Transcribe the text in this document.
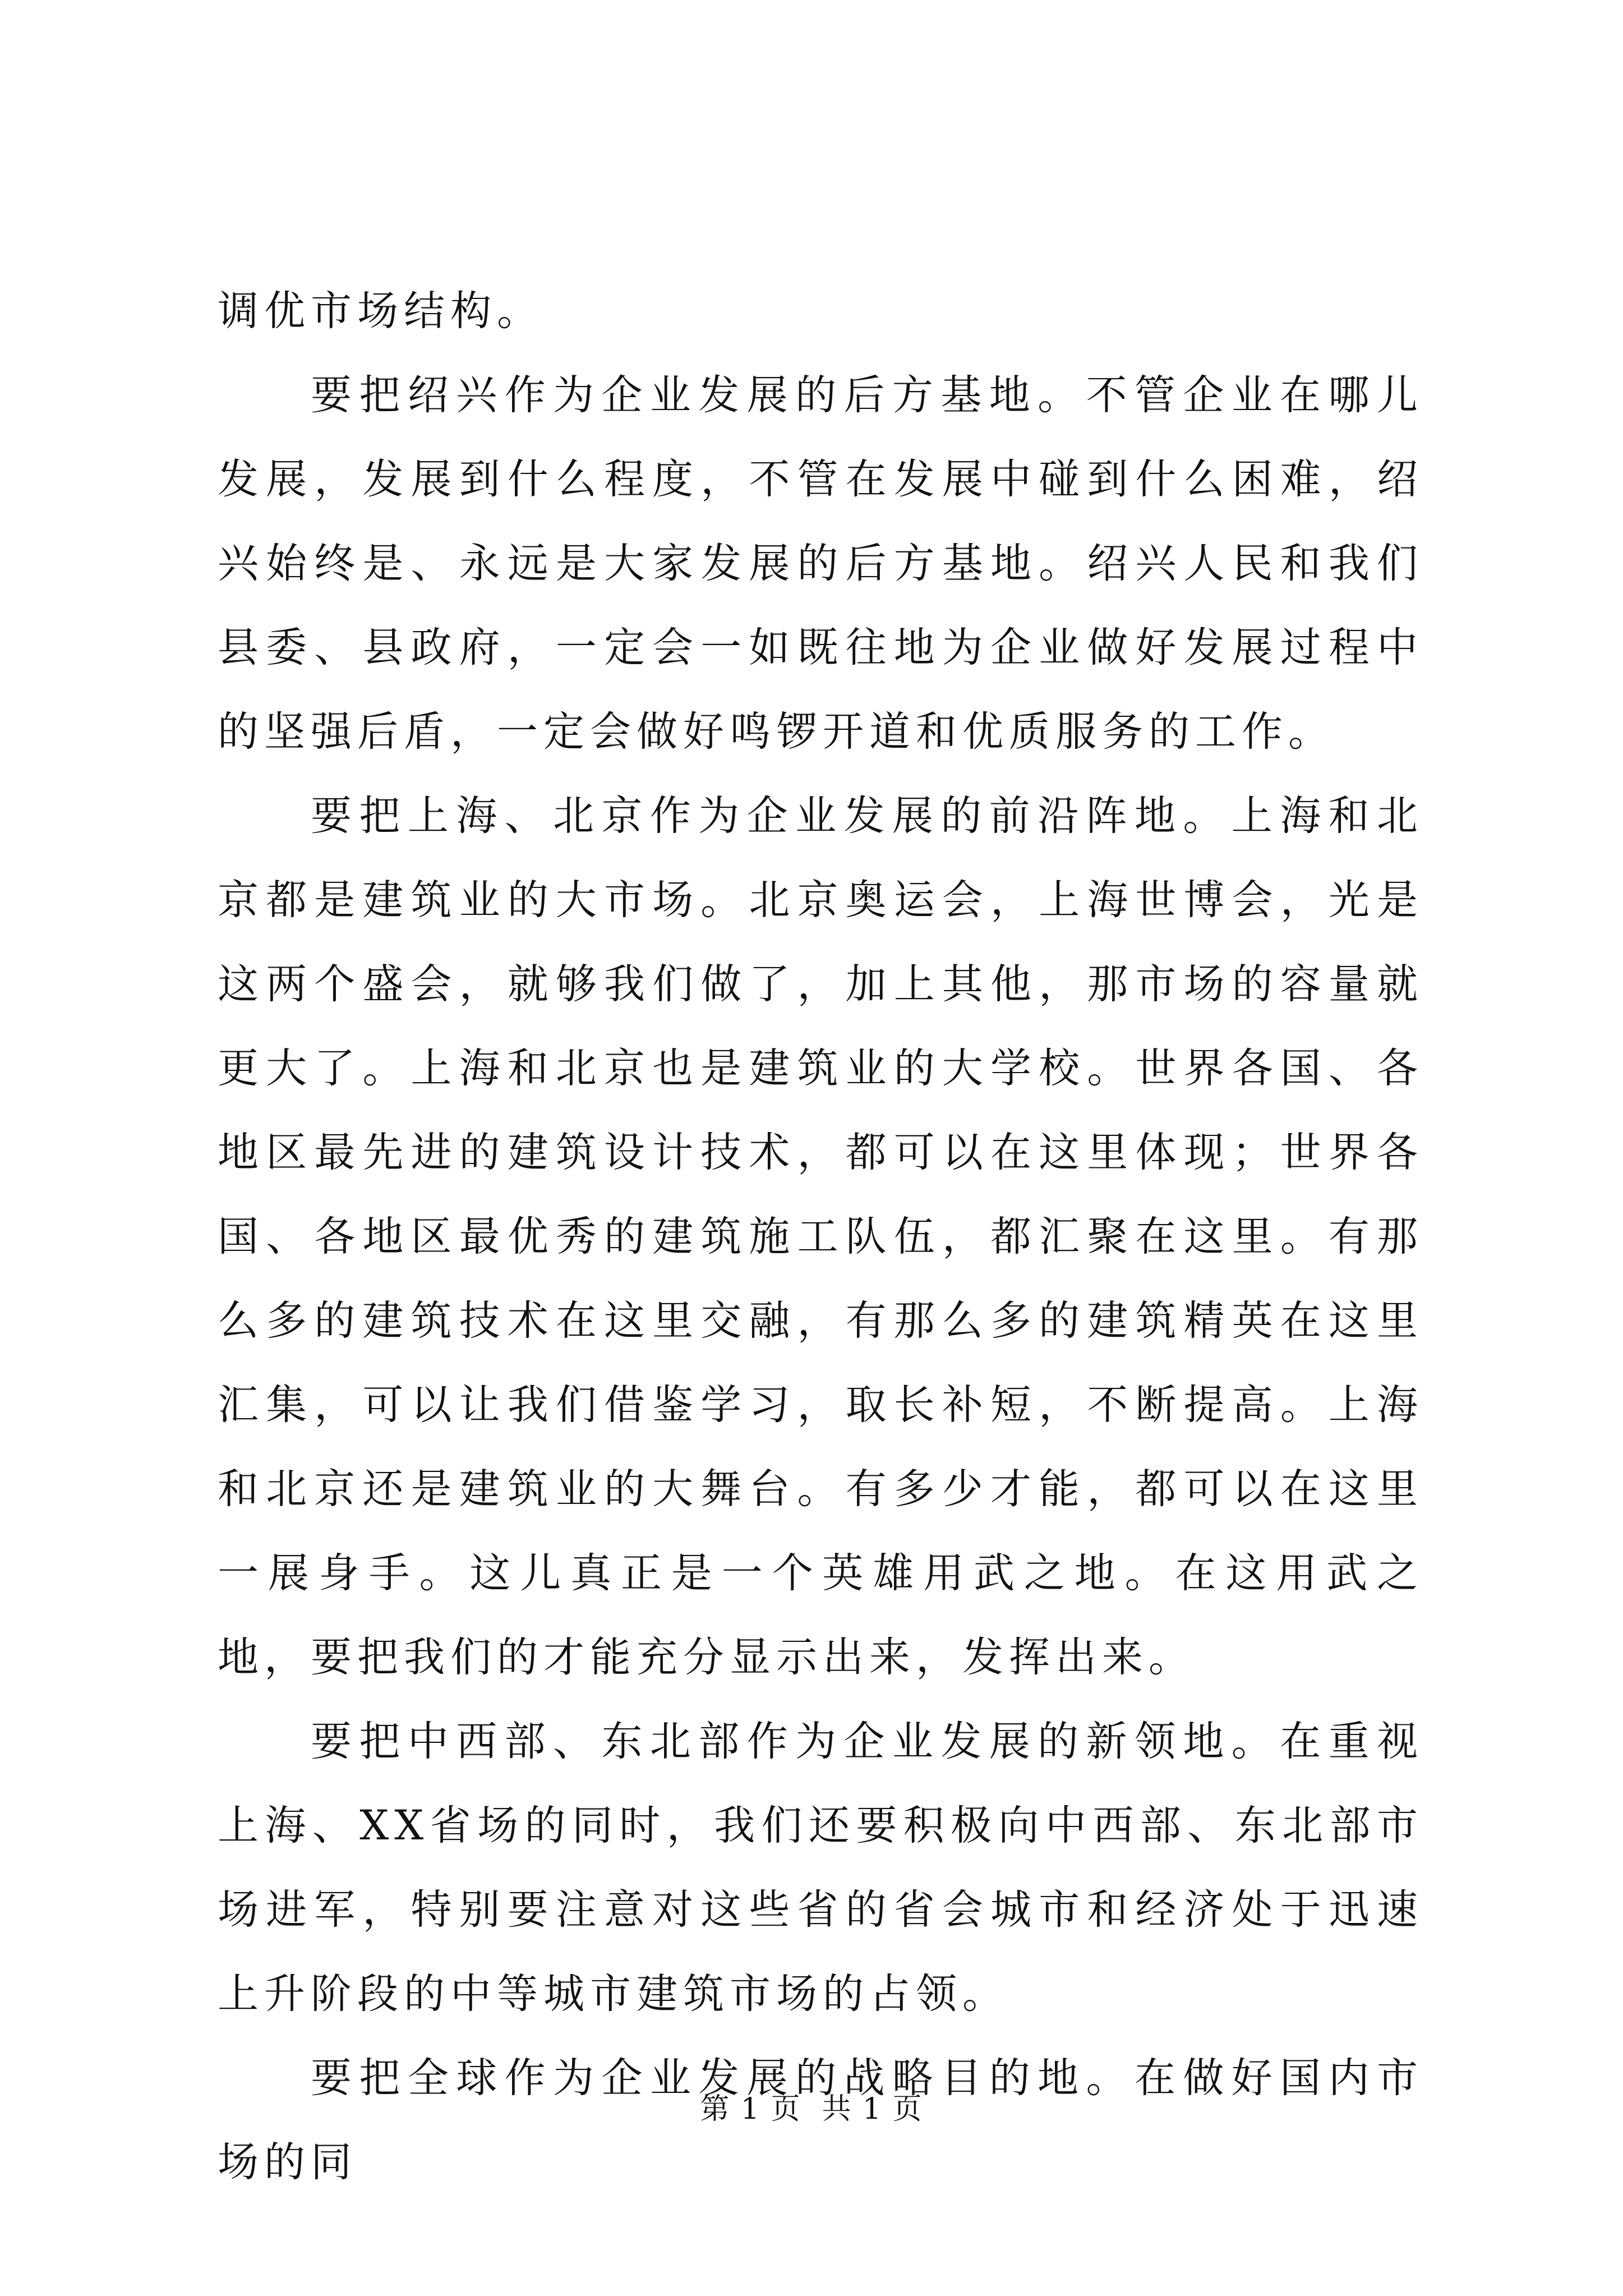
调优市场结构。

要把绍兴作为企业发展的后方基地。不管企业在哪儿发展，发展到什么程度，不管在发展中碰到什么困难，绍兴始终是、永远是大家发展的后方基地。绍兴人民和我们县委、县政府，一定会一如既往地为企业做好发展过程中的坚强后盾，一定会做好鸣锣开道和优质服务的工作。

要把上海、北京作为企业发展的前沿阵地。上海和北京都是建筑业的大市场。北京奥运会，上海世博会，光是这两个盛会，就够我们做了，加上其他，那市场的容量就更大了。上海和北京也是建筑业的大学校。世界各国、各地区最先进的建筑设计技术，都可以在这里体现；世界各国、各地区最优秀的建筑施工队伍，都汇聚在这里。有那么多的建筑技术在这里交融，有那么多的建筑精英在这里汇集，可以让我们借鉴学习，取长补短，不断提高。上海和北京还是建筑业的大舞台。有多少才能，都可以在这里一展身手。这儿真正是一个英雄用武之地。在这用武之地，要把我们的才能充分显示出来，发挥出来。

要把中西部、东北部作为企业发展的新领地。在重视上海、XX省场的同时，我们还要积极向中西部、东北部市场进军，特别要注意对这些省的省会城市和经济处于迅速上升阶段的中等城市建筑市场的占领。

要把全球作为企业发展的战略目的地。在做好国内市场的同

第 1 页  共 1 页
